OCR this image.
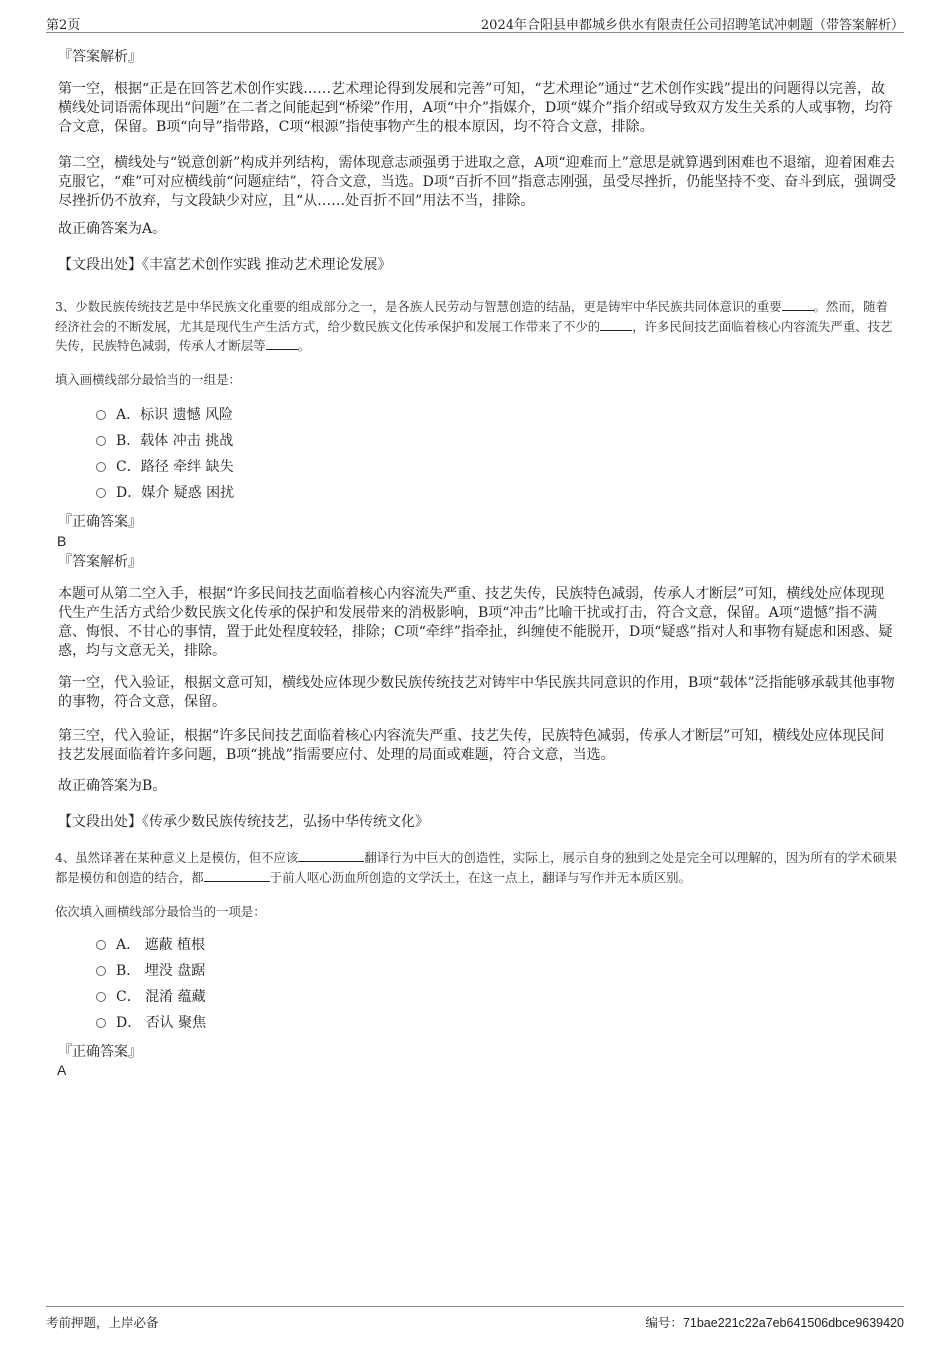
第2页	2024年合阳县申都城乡供水有限责任公司招聘笔试冲刺题（带答案解析）
『答案解析』
第一空，根据“正是在回答艺术创作实践……艺术理论得到发展和完善”可知，“艺术理论”通过“艺术创作实践”提出的问题得以完善，故横线处词语需体现出“问题”在二者之间能起到“桥梁”作用，A项“中介”指媒介，D项“媒介”指介绍或导致双方发生关系的人或事物，均符合文意，保留。B项“向导”指带路，C项“根源”指使事物产生的根本原因，均不符合文意，排除。
第二空，横线处与“锐意创新”构成并列结构，需体现意志顽强勇于进取之意，A项“迎难而上”意思是就算遇到困难也不退缩，迎着困难去克服它，“难”可对应横线前“问题症结”，符合文意，当选。D项“百折不回”指意志刚强，虽受尽挫折，仍能坚持不变、奋斗到底，强调受尽挫折仍不放弃，与文段缺少对应，且“从……处百折不回”用法不当，排除。
故正确答案为A。
【文段出处】《丰富艺术创作实践 推动艺术理论发展》
3、少数民族传统技艺是中华民族文化重要的组成部分之一，是各族人民劳动与智慧创造的结晶，更是铸牢中华民族共同体意识的重要	。然而，随着经济社会的不断发展，尤其是现代生产生活方式，给少数民族文化传承保护和发展工作带来了不少的	，许多民间技艺面临着核心内容流失严重、技艺失传，民族特色减弱，传承人才断层等	。
填入画横线部分最恰当的一组是：
A．标识 遗憾 风险
B．载体 冲击 挑战
C．路径 牵绊 缺失
D．媒介 疑惑 困扰
『正确答案』
B
『答案解析』
本题可从第二空入手，根据“许多民间技艺面临着核心内容流失严重、技艺失传，民族特色减弱，传承人才断层”可知，横线处应体现现代生产生活方式给少数民族文化传承的保护和发展带来的消极影响，B项“冲击”比喻干扰或打击，符合文意，保留。A项“遗憾”指不满意、悔恨、不甘心的事情，置于此处程度较轻，排除；C项“牵绊”指牵扯，纠缠使不能脱开，D项“疑惑”指对人和事物有疑虑和困惑、疑惑，均与文意无关，排除。
第一空，代入验证，根据文意可知，横线处应体现少数民族传统技艺对铸牢中华民族共同意识的作用，B项“载体”泛指能够承载其他事物的事物，符合文意，保留。
第三空，代入验证，根据“许多民间技艺面临着核心内容流失严重、技艺失传，民族特色减弱，传承人才断层”可知，横线处应体现民间技艺发展面临着许多问题，B项“挑战”指需要应付、处理的局面或难题，符合文意，当选。
故正确答案为B。
【文段出处】《传承少数民族传统技艺，弘扬中华传统文化》
4、虽然译著在某种意义上是模仿，但不应该	翻译行为中巨大的创造性，实际上，展示自身的独到之处是完全可以理解的，因为所有的学术硕果都是模仿和创造的结合，都	于前人呕心沥血所创造的文学沃土，在这一点上，翻译与写作并无本质区别。
依次填入画横线部分最恰当的一项是：
A． 遮蔽 植根
B． 埋没 盘踞
C． 混淆 蕴藏
D． 否认 聚焦
『正确答案』
A
考前押题，上岸必备	编号：71bae221c22a7eb641506dbce9639420
